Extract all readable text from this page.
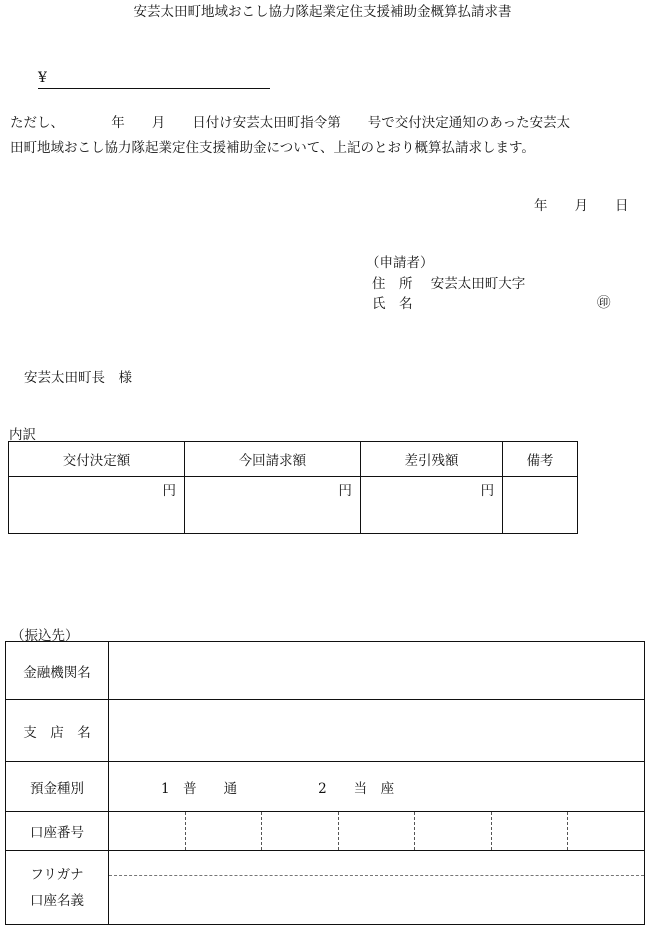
安芸太田町地域おこし協力隊起業定住支援補助金概算払請求書
¥
ただし、　　　　年　　月　　日付け安芸太田町指令第　　号で交付決定通知のあった安芸太
田町地域おこし協力隊起業定住支援補助金について、上記のとおり概算払請求します。
年　　月　　日
（申請者）
住　所 安芸太田町大字
氏　名	㊞
安芸太田町長　様
内訳
交付決定額	今回請求額	差引残額	備考
円	円	円	
（振込先）
金融機関名	
支　店　名	
預金種別	1　普　　通　　　　　　2　　当　座
口座番号	

フリガナ
口座名義	
